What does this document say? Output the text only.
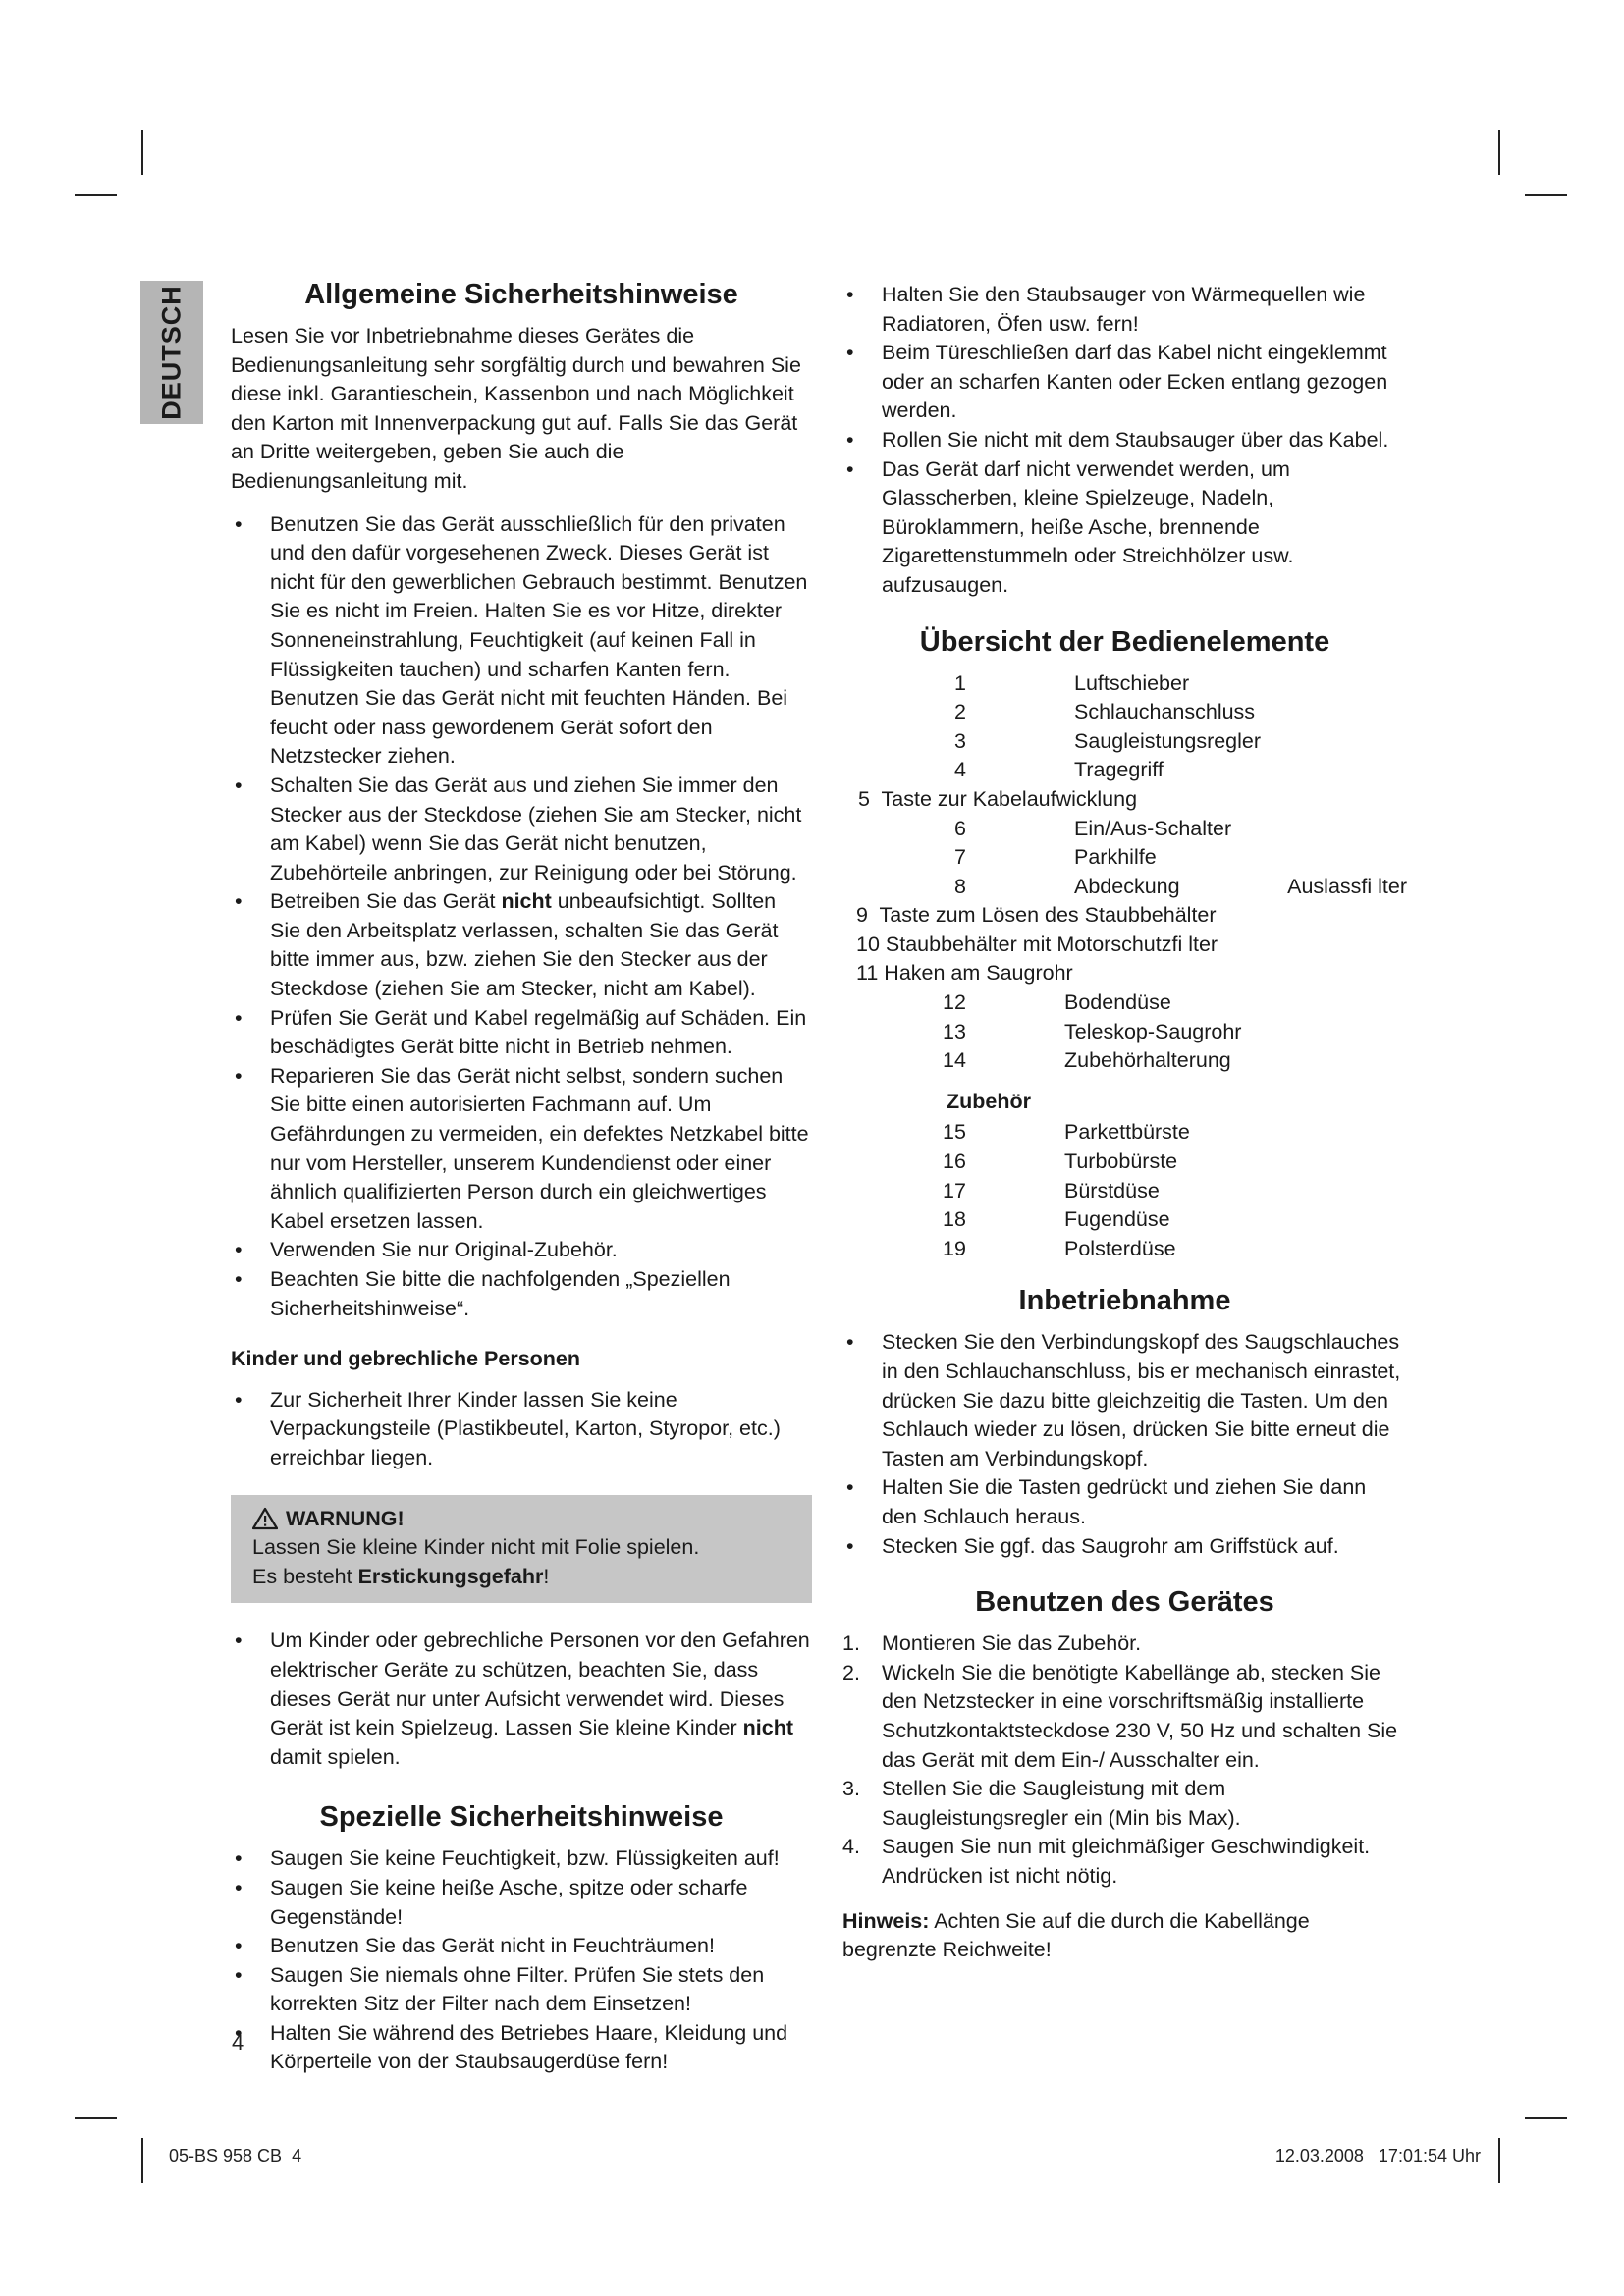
DEUTSCH	Allgemeine Sicherheitshinweise

Lesen Sie vor Inbetriebnahme dieses Gerätes die Bedienungsanleitung sehr sorgfältig durch und bewahren Sie diese inkl. Garantieschein, Kassenbon und nach Möglichkeit den Karton mit Innenverpackung gut auf. Falls Sie das Gerät an Dritte weitergeben, geben Sie auch die Bedienungsanleitung mit.

• Benutzen Sie das Gerät ausschließlich für den privaten und den dafür vorgesehenen Zweck. Dieses Gerät ist nicht für den gewerblichen Gebrauch bestimmt. Benutzen Sie es nicht im Freien. Halten Sie es vor Hitze, direkter Sonneneinstrahlung, Feuchtigkeit (auf keinen Fall in Flüssigkeiten tauchen) und scharfen Kanten fern. Benutzen Sie das Gerät nicht mit feuchten Händen. Bei feucht oder nass gewordenem Gerät sofort den Netzstecker ziehen.
• Schalten Sie das Gerät aus und ziehen Sie immer den Stecker aus der Steckdose (ziehen Sie am Stecker, nicht am Kabel) wenn Sie das Gerät nicht benutzen, Zubehörteile anbringen, zur Reinigung oder bei Störung.
• Betreiben Sie das Gerät nicht unbeaufsichtigt. Sollten Sie den Arbeitsplatz verlassen, schalten Sie das Gerät bitte immer aus, bzw. ziehen Sie den Stecker aus der Steckdose (ziehen Sie am Stecker, nicht am Kabel).
• Prüfen Sie Gerät und Kabel regelmäßig auf Schäden. Ein beschädigtes Gerät bitte nicht in Betrieb nehmen.
• Reparieren Sie das Gerät nicht selbst, sondern suchen Sie bitte einen autorisierten Fachmann auf. Um Gefährdungen zu vermeiden, ein defektes Netzkabel bitte nur vom Hersteller, unserem Kundendienst oder einer ähnlich qualifizierten Person durch ein gleichwertiges Kabel ersetzen lassen.
• Verwenden Sie nur Original-Zubehör.
• Beachten Sie bitte die nachfolgenden „Speziellen Sicherheitshinweise“.
Kinder und gebrechliche Personen
• Zur Sicherheit Ihrer Kinder lassen Sie keine Verpackungsteile (Plastikbeutel, Karton, Styropor, etc.) erreichbar liegen.
WARNUNG!
Lassen Sie kleine Kinder nicht mit Folie spielen.
Es besteht Erstickungsgefahr!
• Um Kinder oder gebrechliche Personen vor den Gefahren elektrischer Geräte zu schützen, beachten Sie, dass dieses Gerät nur unter Aufsicht verwendet wird. Dieses Gerät ist kein Spielzeug. Lassen Sie kleine Kinder nicht damit spielen.
Spezielle Sicherheitshinweise
• Saugen Sie keine Feuchtigkeit, bzw. Flüssigkeiten auf!
• Saugen Sie keine heiße Asche, spitze oder scharfe Gegenstände!
• Benutzen Sie das Gerät nicht in Feuchträumen!
• Saugen Sie niemals ohne Filter. Prüfen Sie stets den korrekten Sitz der Filter nach dem Einsetzen!
• Halten Sie während des Betriebes Haare, Kleidung und Körperteile von der Staubsaugerdüse fern!
• Halten Sie den Staubsauger von Wärmequellen wie Radiatoren, Öfen usw. fern!
• Beim Türeschließen darf das Kabel nicht eingeklemmt oder an scharfen Kanten oder Ecken entlang gezogen werden.
• Rollen Sie nicht mit dem Staubsauger über das Kabel.
• Das Gerät darf nicht verwendet werden, um Glasscherben, kleine Spielzeuge, Nadeln, Büroklammern, heiße Asche, brennende Zigarettenstummeln oder Streichhölzer usw. aufzusaugen.
Übersicht der Bedienelemente
1	Luftschieber
2	Schlauchanschluss
3	Saugleistungsregler
4	Tragegriff
5  Taste zur Kabelaufwicklung
6	Ein/Aus-Schalter
7	Parkhilfe
8	Abdeckung	Auslassfi lter
9  Taste zum Lösen des Staubbehälter
10 Staubbehälter mit Motorschutzfi lter
11 Haken am Saugrohr
12	Bodendüse
13	Teleskop-Saugrohr
14	Zubehörhalterung
Zubehör
15	Parkettbürste
16	Turbobürste
17	Bürstdüse
18	Fugendüse
19	Polsterdüse
Inbetriebnahme
• Stecken Sie den Verbindungskopf des Saugschlauches in den Schlauchanschluss, bis er mechanisch einrastet, drücken Sie dazu bitte gleichzeitig die Tasten. Um den Schlauch wieder zu lösen, drücken Sie bitte erneut die Tasten am Verbindungskopf.
• Halten Sie die Tasten gedrückt und ziehen Sie dann den Schlauch heraus.
• Stecken Sie ggf. das Saugrohr am Griffstück auf.
Benutzen des Gerätes
1. Montieren Sie das Zubehör.
2. Wickeln Sie die benötigte Kabellänge ab, stecken Sie den Netzstecker in eine vorschriftsmäßig installierte Schutzkontaktsteckdose 230 V, 50 Hz und schalten Sie das Gerät mit dem Ein-/ Ausschalter ein.
3. Stellen Sie die Saugleistung mit dem Saugleistungsregler ein (Min bis Max).
4. Saugen Sie nun mit gleichmäßiger Geschwindigkeit. Andrücken ist nicht nötig.

Hinweis: Achten Sie auf die durch die Kabellänge begrenzte Reichweite!

4
05-BS 958 CB  4	12.03.2008   17:01:54 Uhr
